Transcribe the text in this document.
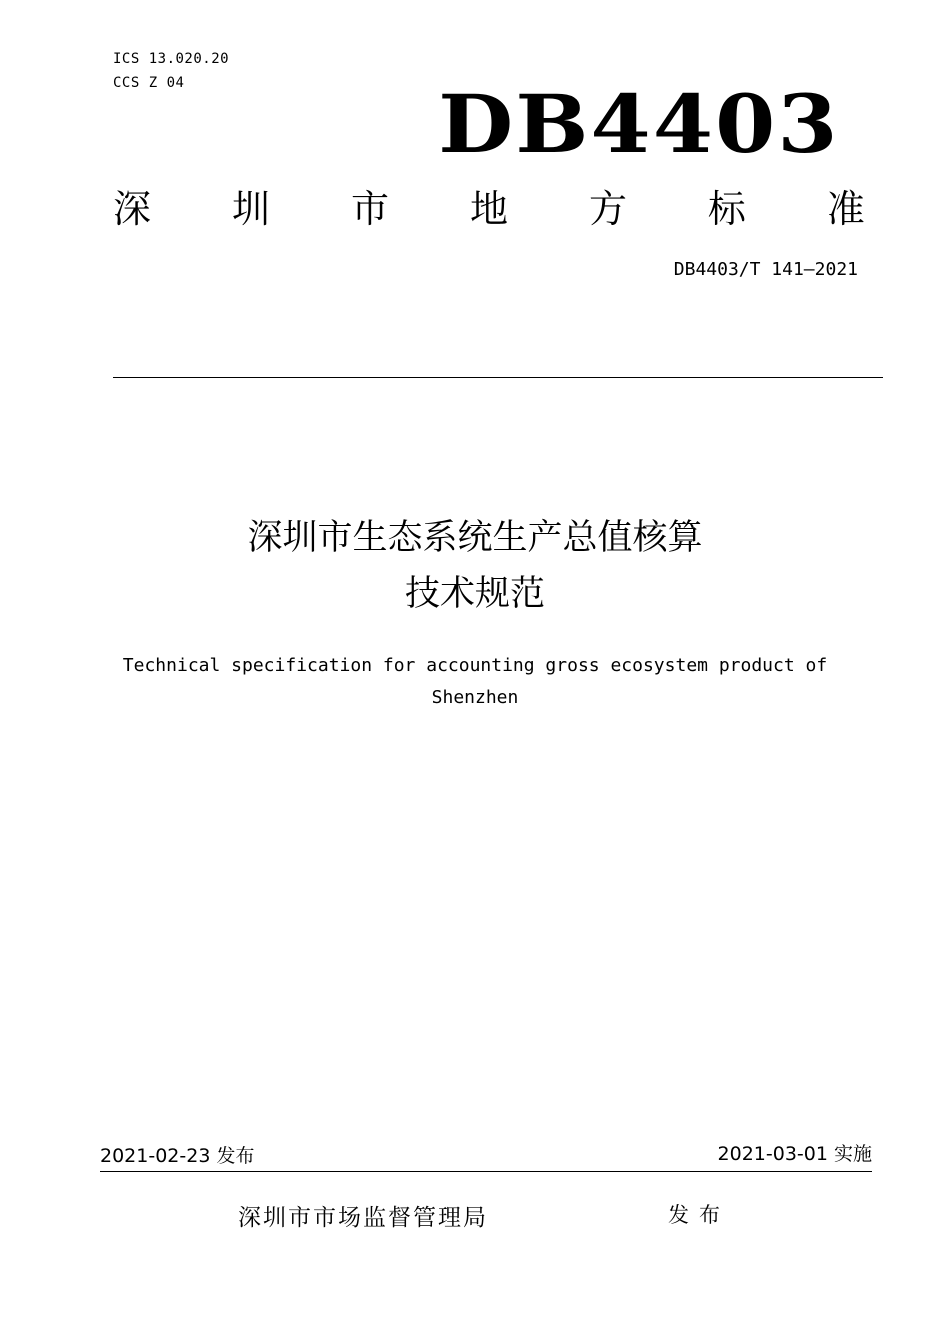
ICS 13.020.20
CCS Z 04	DB4403
深 圳 市 地 方 标 准
DB4403/T 141—2021
深圳市生态系统生产总值核算
技术规范
Technical specification for accounting gross ecosystem product of
Shenzhen
2021-02-23 发布	2021-03-01 实施
深圳市市场监督管理局	发布
